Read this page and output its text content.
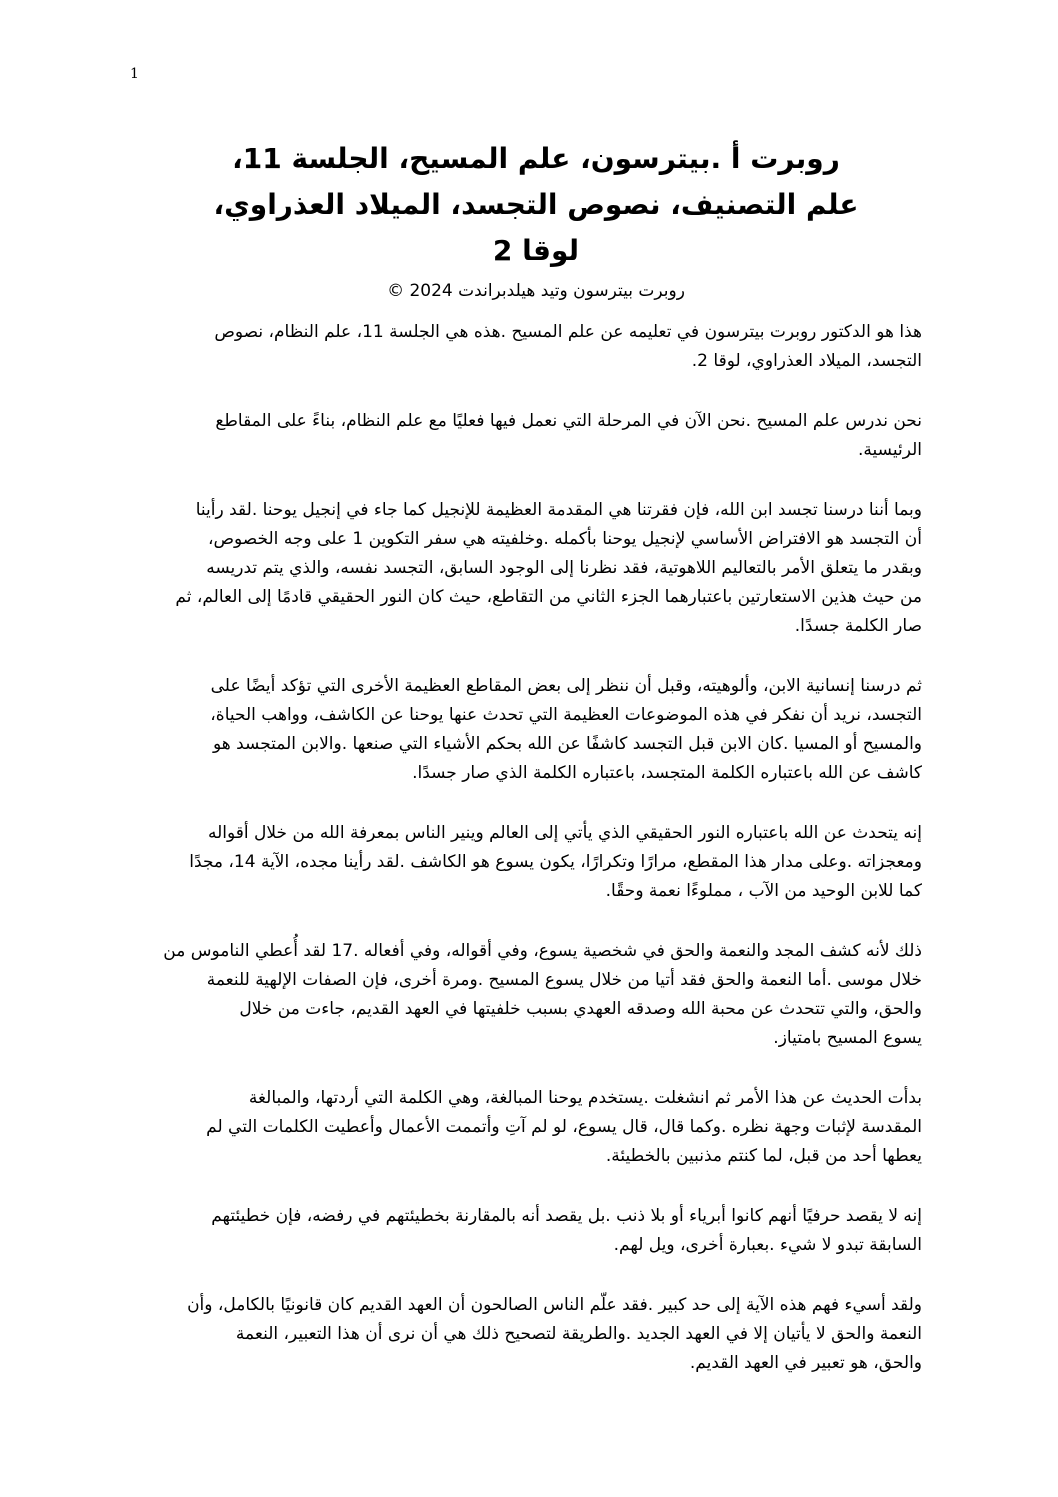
1
روبرت أ .بيترسون، علم المسيح، الجلسة 11،
علم التصنيف، نصوص التجسد، الميلاد العذراوي،
لوقا 2
روبرت بيترسون وتيد هيلدبراندت 2024 ©

هذا هو الدكتور روبرت بيترسون في تعليمه عن علم المسيح .هذه هي الجلسة 11، علم النظام، نصوص
التجسد، الميلاد العذراوي، لوقا 2.

نحن ندرس علم المسيح .نحن الآن في المرحلة التي نعمل فيها فعليًا مع علم النظام، بناءً على المقاطع
الرئيسية.

وبما أننا درسنا تجسد ابن الله، فإن فقرتنا هي المقدمة العظيمة للإنجيل كما جاء في إنجيل يوحنا .لقد رأينا
أن التجسد هو الافتراض الأساسي لإنجيل يوحنا بأكمله .وخلفيته هي سفر التكوين 1 على وجه الخصوص،
وبقدر ما يتعلق الأمر بالتعاليم اللاهوتية، فقد نظرنا إلى الوجود السابق، التجسد نفسه، والذي يتم تدريسه
من حيث هذين الاستعارتين باعتبارهما الجزء الثاني من التقاطع، حيث كان النور الحقيقي قادمًا إلى العالم، ثم
صار الكلمة جسدًا.

ثم درسنا إنسانية الابن، وألوهيته، وقبل أن ننظر إلى بعض المقاطع العظيمة الأخرى التي تؤكد أيضًا على
التجسد، نريد أن نفكر في هذه الموضوعات العظيمة التي تحدث عنها يوحنا عن الكاشف، وواهب الحياة،
والمسيح أو المسيا .كان الابن قبل التجسد كاشفًا عن الله بحكم الأشياء التي صنعها .والابن المتجسد هو
كاشف عن الله باعتباره الكلمة المتجسد، باعتباره الكلمة الذي صار جسدًا.

إنه يتحدث عن الله باعتباره النور الحقيقي الذي يأتي إلى العالم وينير الناس بمعرفة الله من خلال أقواله
ومعجزاته .وعلى مدار هذا المقطع، مرارًا وتكرارًا، يكون يسوع هو الكاشف .لقد رأينا مجده، الآية 14، مجدًا
كما للابن الوحيد من الآب ، مملوءًا نعمة وحقًا.

ذلك لأنه كشف المجد والنعمة والحق في شخصية يسوع، وفي أقواله، وفي أفعاله .17 لقد أُعطي الناموس من
خلال موسى .أما النعمة والحق فقد أتيا من خلال يسوع المسيح .ومرة أخرى، فإن الصفات الإلهية للنعمة
والحق، والتي تتحدث عن محبة الله وصدقه العهدي بسبب خلفيتها في العهد القديم، جاءت من خلال
يسوع المسيح بامتياز.

بدأت الحديث عن هذا الأمر ثم انشغلت .يستخدم يوحنا المبالغة، وهي الكلمة التي أردتها، والمبالغة
المقدسة لإثبات وجهة نظره .وكما قال، قال يسوع، لو لم آتِ وأتممت الأعمال وأعطيت الكلمات التي لم
يعطها أحد من قبل، لما كنتم مذنبين بالخطيئة.

إنه لا يقصد حرفيًا أنهم كانوا أبرياء أو بلا ذنب .بل يقصد أنه بالمقارنة بخطيئتهم في رفضه، فإن خطيئتهم
السابقة تبدو لا شيء .بعبارة أخرى، ويل لهم.

ولقد أسيء فهم هذه الآية إلى حد كبير .فقد علّم الناس الصالحون أن العهد القديم كان قانونيًا بالكامل، وأن
النعمة والحق لا يأتيان إلا في العهد الجديد .والطريقة لتصحيح ذلك هي أن نرى أن هذا التعبير، النعمة
والحق، هو تعبير في العهد القديم.
